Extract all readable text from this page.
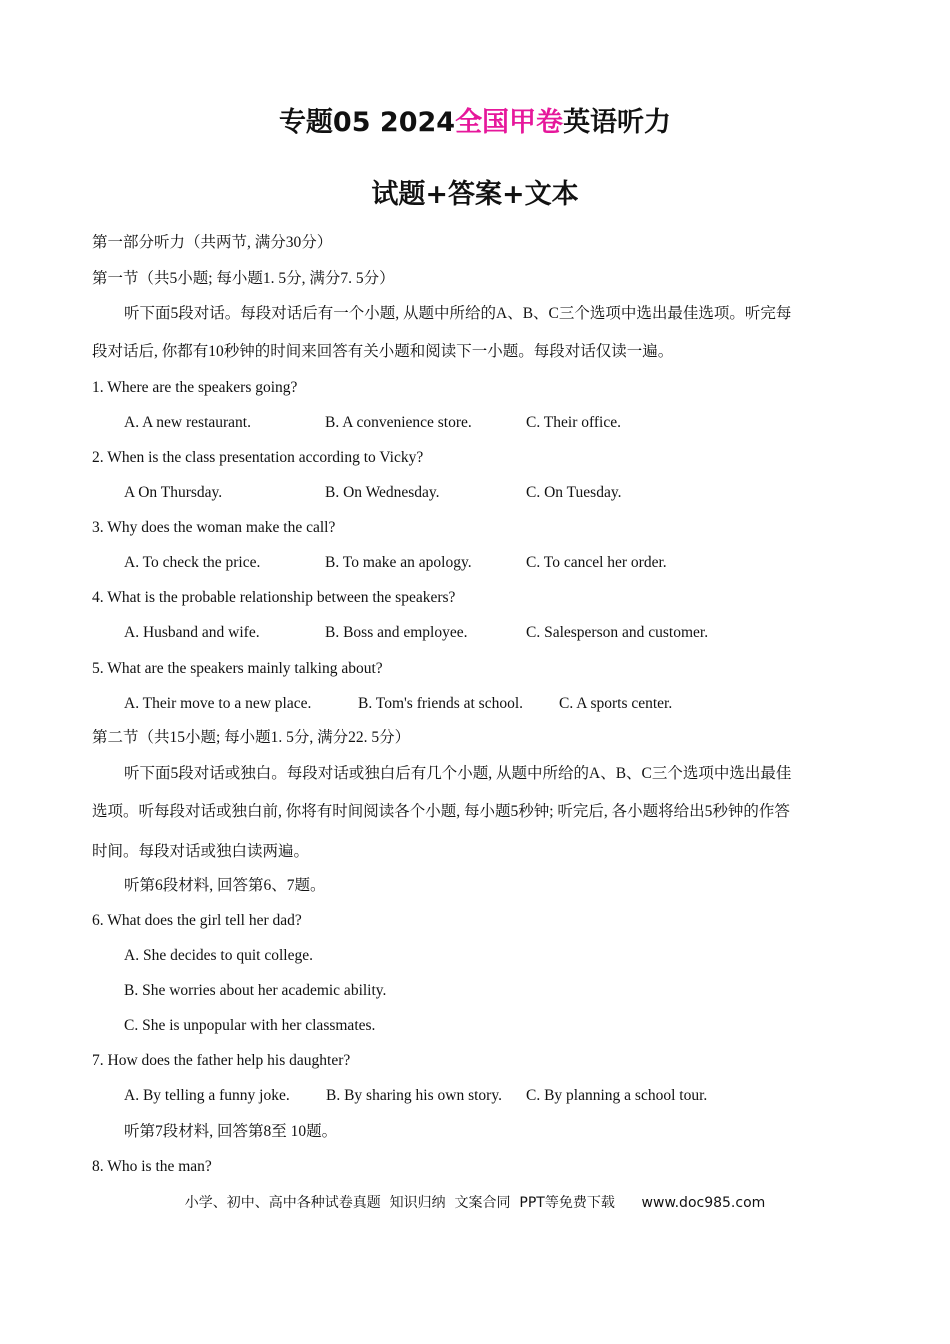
专题05 2024全国甲卷英语听力
试题+答案+文本
第一部分听力（共两节, 满分30分）
第一节（共5小题; 每小题1. 5分, 满分7. 5分）
听下面5段对话。每段对话后有一个小题, 从题中所给的A、B、C三个选项中选出最佳选项。听完每
段对话后, 你都有10秒钟的时间来回答有关小题和阅读下一小题。每段对话仅读一遍。
1. Where are the speakers going?
A. A new restaurant.	B. A convenience store.	C. Their office.
2. When is the class presentation according to Vicky?
A On Thursday.	B. On Wednesday.	C. On Tuesday.
3. Why does the woman make the call?
A. To check the price.	B. To make an apology.	C. To cancel her order.
4. What is the probable relationship between the speakers?
A. Husband and wife.	B. Boss and employee.	C. Salesperson and customer.
5. What are the speakers mainly talking about?
A. Their move to a new place.	B. Tom's friends at school. C. A sports center.
第二节（共15小题; 每小题1. 5分, 满分22. 5分）
听下面5段对话或独白。每段对话或独白后有几个小题, 从题中所给的A、B、C三个选项中选出最佳
选项。听每段对话或独白前, 你将有时间阅读各个小题, 每小题5秒钟; 听完后, 各小题将给出5秒钟的作答
时间。每段对话或独白读两遍。
听第6段材料, 回答第6、7题。
6. What does the girl tell her dad?
A. She decides to quit college.
B. She worries about her academic ability.
C. She is unpopular with her classmates.
7. How does the father help his daughter?
A. By telling a funny joke. B. By sharing his own story. C. By planning a school tour.
听第7段材料, 回答第8至 10题。
8. Who is the man?
小学、初中、高中各种试卷真题  知识归纳  文案合同  PPT等免费下载      www.doc985.com
